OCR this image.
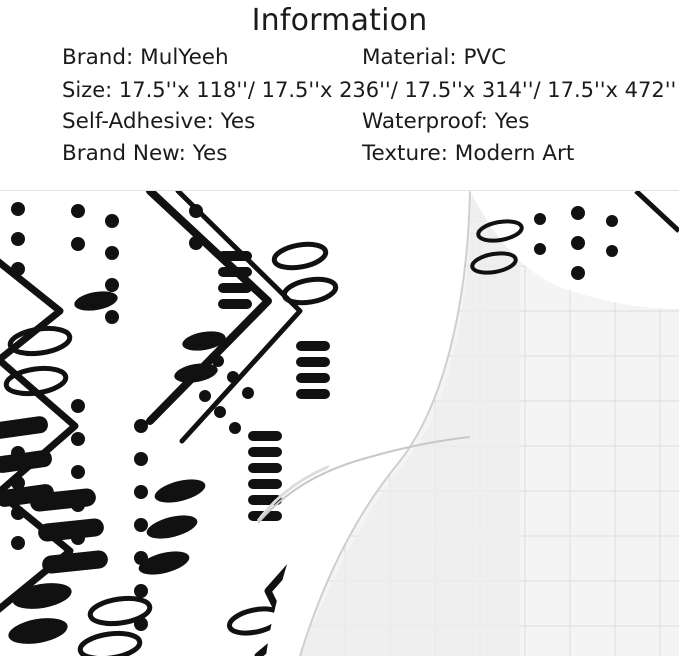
Information
Brand: MulYeeh	Material: PVC
Size: 17.5''x 118''/ 17.5''x 236''/ 17.5''x 314''/ 17.5''x 472''
Self-Adhesive: Yes	Waterproof: Yes
Brand New: Yes	Texture: Modern Art
